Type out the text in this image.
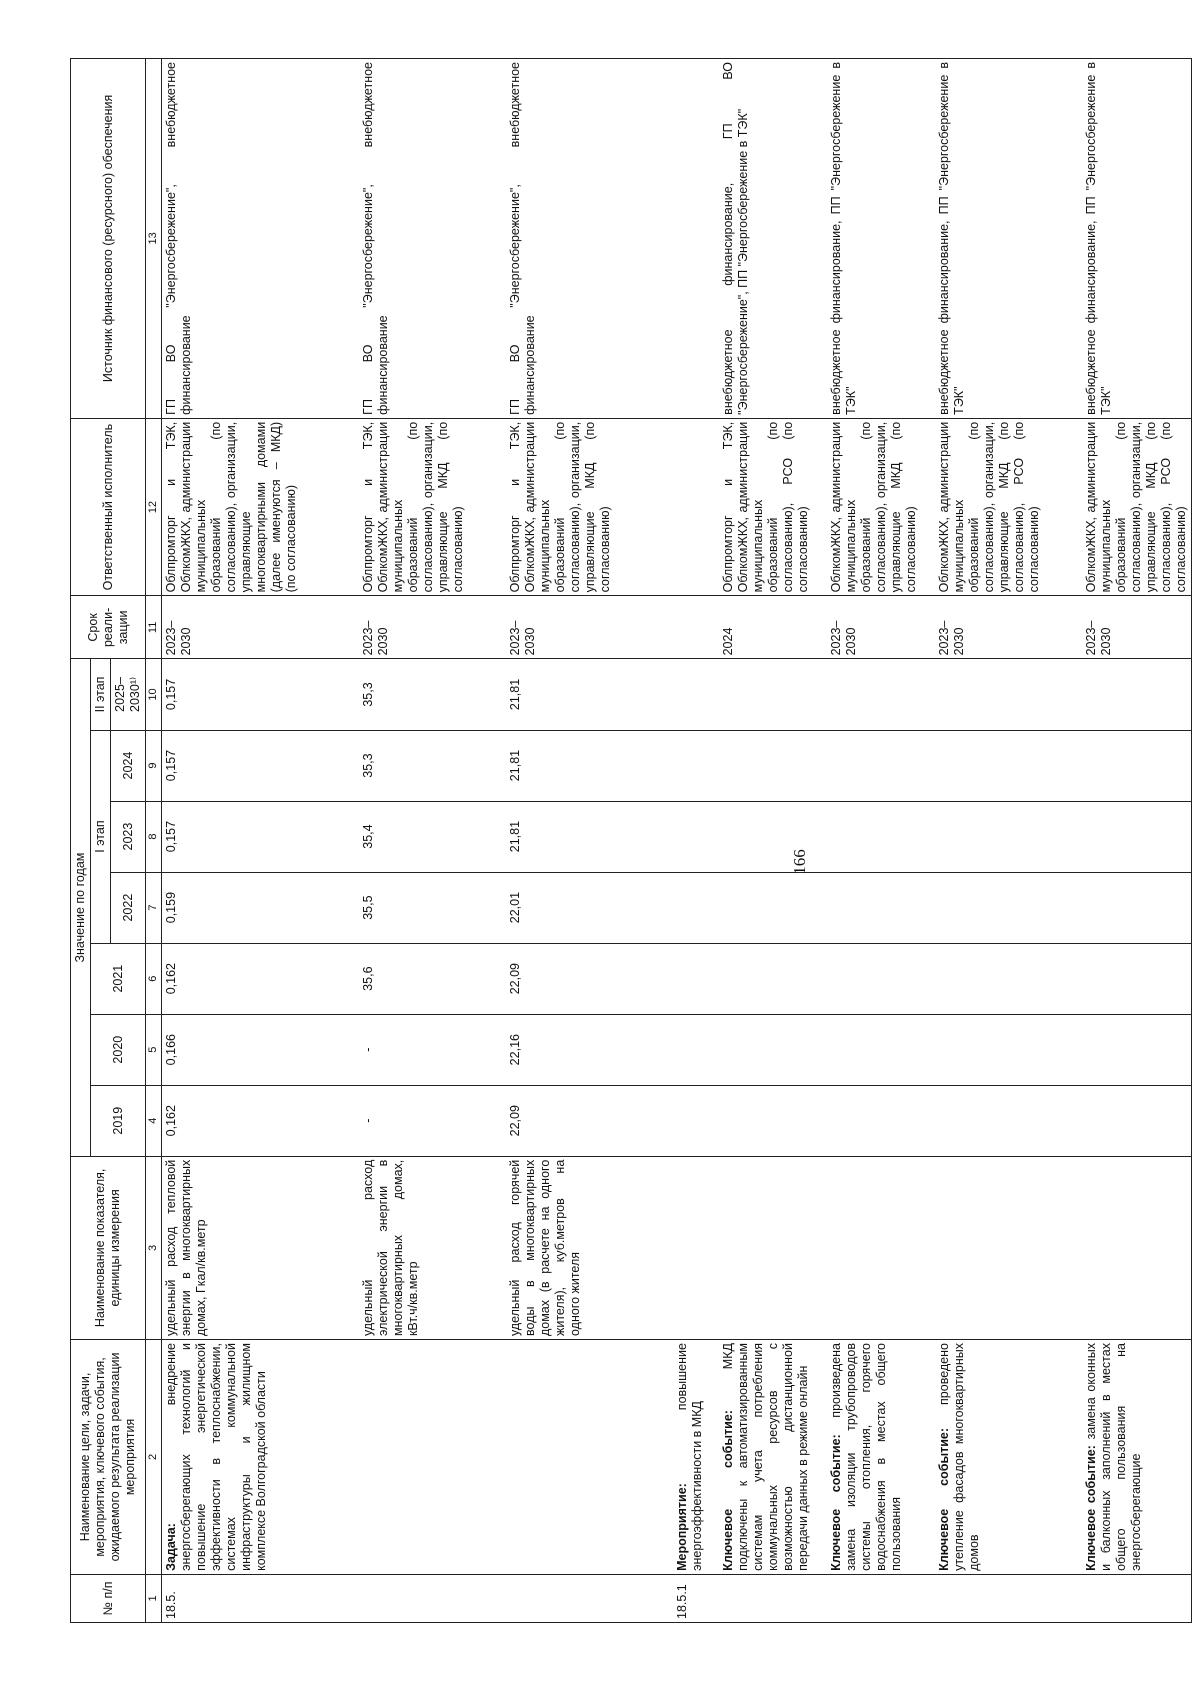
166
№ п/п	Наименование цели, задачи, мероприятия, ключевого события, ожидаемого результата реализации мероприятия	Наименование показателя, единицы измерения	Значение по годам							Срок реали-зации	Ответственный исполнитель	Источник финансового (ресурсного) обеспечения
			2019	2020	2021	I этап			II этап			
						2022	2023	2024	2025–2030¹⁾			
1	2	3	4	5	6	7	8	9	10	11	12	13
18.5.	Задача: внедрение энергосберегающих технологий и повышение энергетической эффективности в теплоснабжении, системах коммунальной инфраструктуры и жилищном комплексе Волгоградской области	удельный расход тепловой энергии в многоквартирных домах, Гкал/кв.метр	0,162	0,166	0,162	0,159	0,157	0,157	0,157	2023–2030	Облпромторг и ТЭК, ОблкомЖКХ, администрации муниципальных образований (по согласованию), организации, управляющие многоквартирными домами (далее именуются – МКД) (по согласованию)	ГП ВО "Энергосбережение", внебюджетное финансирование
		удельный расход электрической энергии в многоквартирных домах, кВт.ч/кв.метр	-	-	35,6	35,5	35,4	35,3	35,3	2023–2030	Облпромторг и ТЭК, ОблкомЖКХ, администрации муниципальных образований (по согласованию), организации, управляющие МКД (по согласованию)	ГП ВО "Энергосбережение", внебюджетное финансирование
		удельный расход горячей воды в многоквартирных домах (в расчете на одного жителя), куб.метров на одного жителя	22,09	22,16	22,09	22,01	21,81	21,81	21,81	2023–2030	Облпромторг и ТЭК, ОблкомЖКХ, администрации муниципальных образований (по согласованию), организации, управляющие МКД (по согласованию)	ГП ВО "Энергосбережение", внебюджетное финансирование
18.5.1	Мероприятие: повышение энергоэффективности в МКД											
	Ключевое событие: МКД подключены к автоматизированным системам учета потребления коммунальных ресурсов с возможностью дистанционной передачи данных в режиме онлайн									2024	Облпромторг и ТЭК, ОблкомЖКХ, администрации муниципальных образований (по согласованию), РСО (по согласованию)	внебюджетное финансирование, ГП ВО "Энергосбережение", ПП "Энергосбережение в ТЭК"
	Ключевое событие: произведена замена изоляции трубопроводов системы отопления, горячего водоснабжения в местах общего пользования									2023–2030	ОблкомЖКХ, администрации муниципальных образований (по согласованию), организации, управляющие МКД (по согласованию)	внебюджетное финансирование, ПП "Энергосбережение в ТЭК"
	Ключевое событие: проведено утепление фасадов многоквартирных домов									2023–2030	ОблкомЖКХ, администрации муниципальных образований (по согласованию), организации, управляющие МКД (по согласованию), РСО (по согласованию)	внебюджетное финансирование, ПП "Энергосбережение в ТЭК"
	Ключевое событие: замена оконных и балконных заполнений в местах общего пользования на энергосберегающие									2023–2030	ОблкомЖКХ, администрации муниципальных образований (по согласованию), организации, управляющие МКД (по согласованию), РСО (по согласованию)	внебюджетное финансирование, ПП "Энергосбережение в ТЭК"
